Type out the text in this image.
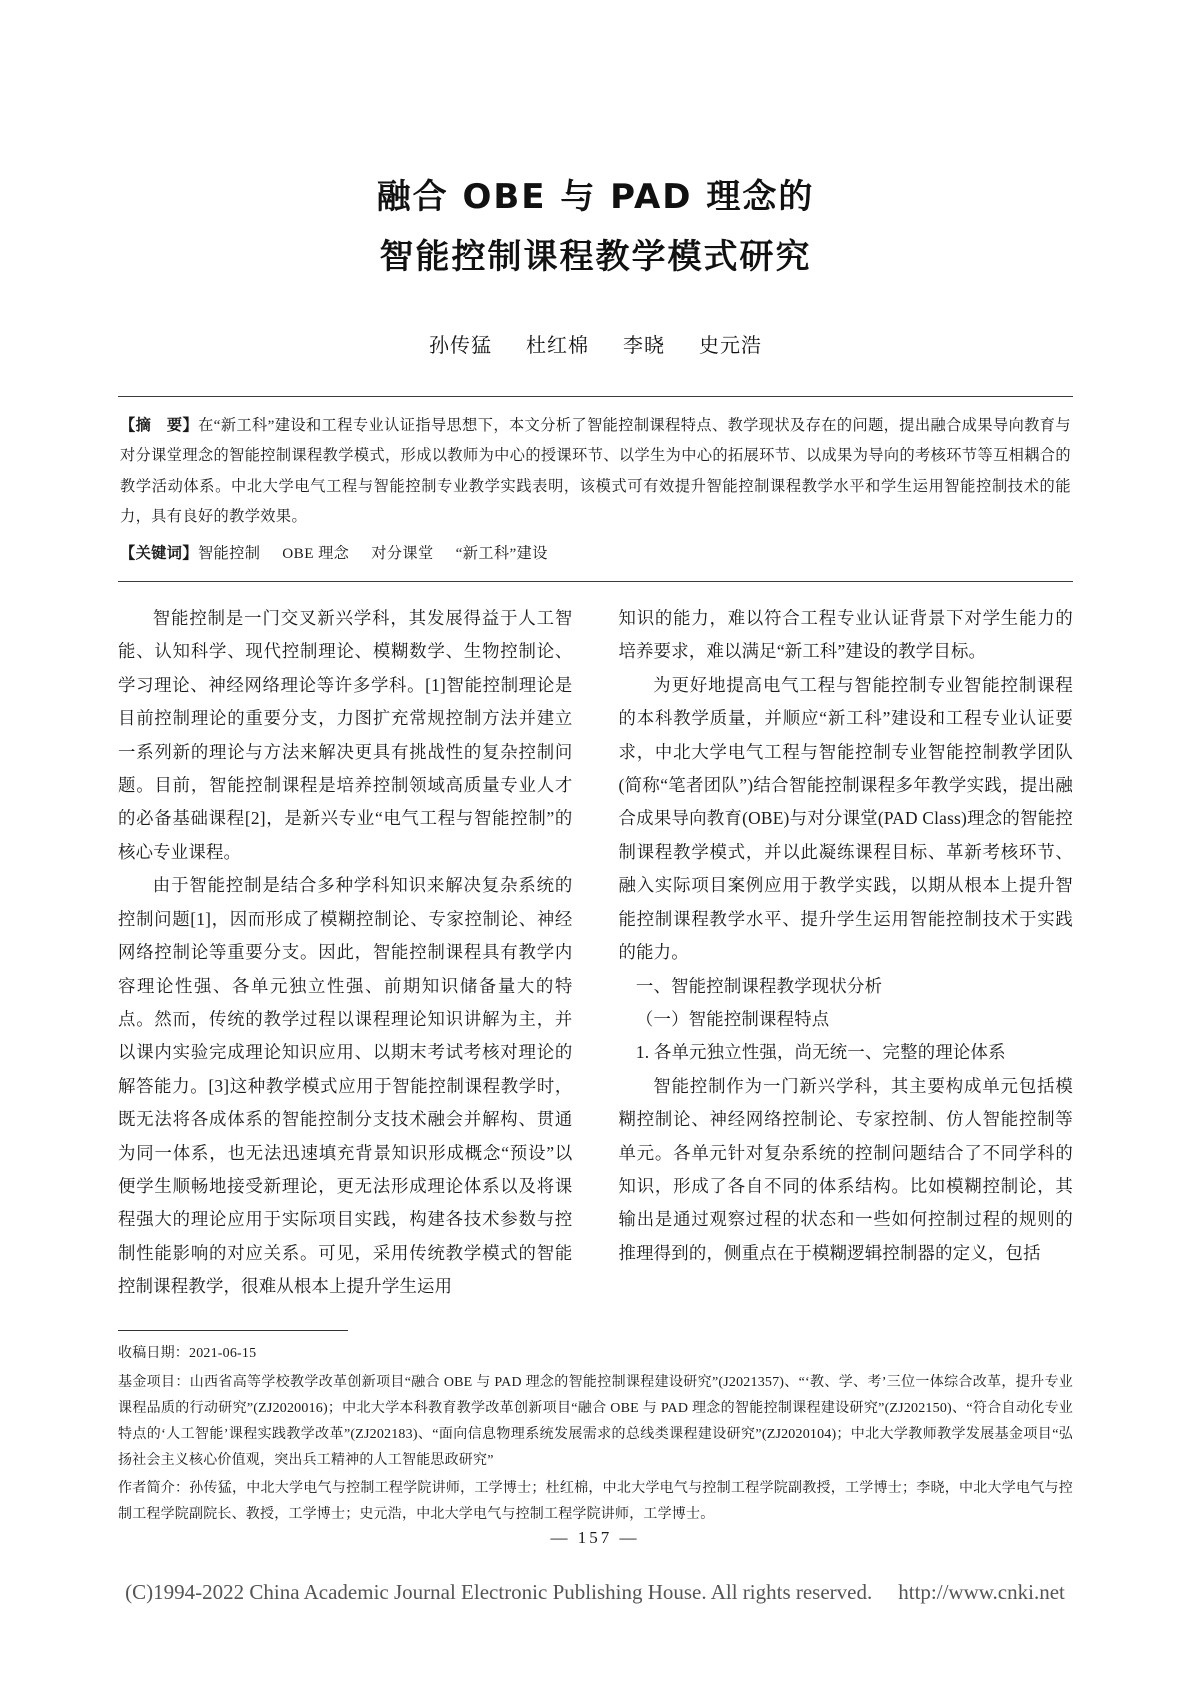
融合 OBE 与 PAD 理念的
智能控制课程教学模式研究
孙传猛 杜红棉 李晓 史元浩

【摘　要】在“新工科”建设和工程专业认证指导思想下，本文分析了智能控制课程特点、教学现状及存在的问题，提出融合成果导向教育与对分课堂理念的智能控制课程教学模式，形成以教师为中心的授课环节、以学生为中心的拓展环节、以成果为导向的考核环节等互相耦合的教学活动体系。中北大学电气工程与智能控制专业教学实践表明，该模式可有效提升智能控制课程教学水平和学生运用智能控制技术的能力，具有良好的教学效果。

【关键词】智能控制 OBE 理念 对分课堂 “新工科”建设

智能控制是一门交叉新兴学科，其发展得益于人工智能、认知科学、现代控制理论、模糊数学、生物控制论、学习理论、神经网络理论等许多学科。[1]智能控制理论是目前控制理论的重要分支，力图扩充常规控制方法并建立一系列新的理论与方法来解决更具有挑战性的复杂控制问题。目前，智能控制课程是培养控制领域高质量专业人才的必备基础课程[2]，是新兴专业“电气工程与智能控制”的核心专业课程。

由于智能控制是结合多种学科知识来解决复杂系统的控制问题[1]，因而形成了模糊控制论、专家控制论、神经网络控制论等重要分支。因此，智能控制课程具有教学内容理论性强、各单元独立性强、前期知识储备量大的特点。然而，传统的教学过程以课程理论知识讲解为主，并以课内实验完成理论知识应用、以期末考试考核对理论的解答能力。[3]这种教学模式应用于智能控制课程教学时，既无法将各成体系的智能控制分支技术融会并解构、贯通为同一体系，也无法迅速填充背景知识形成概念“预设”以便学生顺畅地接受新理论，更无法形成理论体系以及将课程强大的理论应用于实际项目实践，构建各技术参数与控制性能影响的对应关系。可见，采用传统教学模式的智能控制课程教学，很难从根本上提升学生运用

知识的能力，难以符合工程专业认证背景下对学生能力的培养要求，难以满足“新工科”建设的教学目标。

为更好地提高电气工程与智能控制专业智能控制课程的本科教学质量，并顺应“新工科”建设和工程专业认证要求，中北大学电气工程与智能控制专业智能控制教学团队(简称“笔者团队”)结合智能控制课程多年教学实践，提出融合成果导向教育(OBE)与对分课堂(PAD Class)理念的智能控制课程教学模式，并以此凝练课程目标、革新考核环节、融入实际项目案例应用于教学实践，以期从根本上提升智能控制课程教学水平、提升学生运用智能控制技术于实践的能力。

一、智能控制课程教学现状分析

（一）智能控制课程特点

1. 各单元独立性强，尚无统一、完整的理论体系

智能控制作为一门新兴学科，其主要构成单元包括模糊控制论、神经网络控制论、专家控制、仿人智能控制等单元。各单元针对复杂系统的控制问题结合了不同学科的知识，形成了各自不同的体系结构。比如模糊控制论，其输出是通过观察过程的状态和一些如何控制过程的规则的推理得到的，侧重点在于模糊逻辑控制器的定义，包括

收稿日期：2021-06-15

基金项目：山西省高等学校教学改革创新项目“融合 OBE 与 PAD 理念的智能控制课程建设研究”(J2021357)、“‘教、学、考’三位一体综合改革，提升专业课程品质的行动研究”(ZJ2020016)；中北大学本科教育教学改革创新项目“融合 OBE 与 PAD 理念的智能控制课程建设研究”(ZJ202150)、“符合自动化专业特点的‘人工智能’课程实践教学改革”(ZJ202183)、“面向信息物理系统发展需求的总线类课程建设研究”(ZJ2020104)；中北大学教师教学发展基金项目“弘扬社会主义核心价值观，突出兵工精神的人工智能思政研究”

作者简介：孙传猛，中北大学电气与控制工程学院讲师，工学博士；杜红棉，中北大学电气与控制工程学院副教授，工学博士；李晓，中北大学电气与控制工程学院副院长、教授，工学博士；史元浩，中北大学电气与控制工程学院讲师，工学博士。

— 157 —
(C)1994-2022 China Academic Journal Electronic Publishing House. All rights reserved. http://www.cnki.net
